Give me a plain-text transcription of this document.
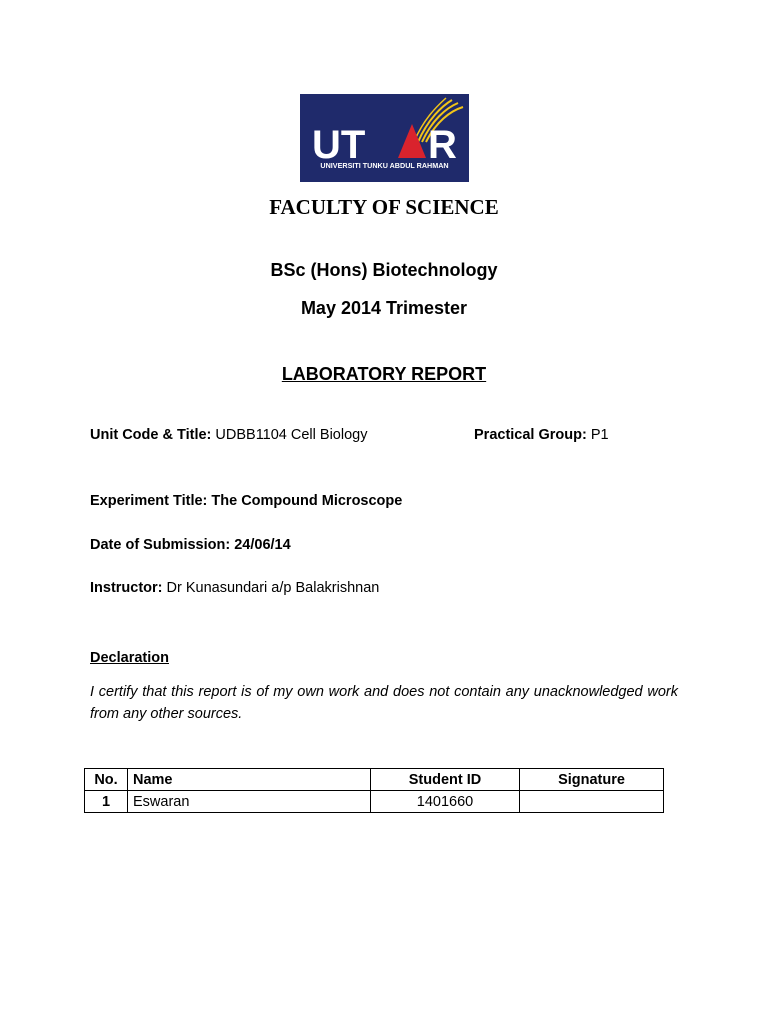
UT R
UNIVERSITI TUNKU ABDUL RAHMAN
FACULTY OF SCIENCE
BSc (Hons) Biotechnology
May 2014 Trimester
LABORATORY REPORT
Unit Code & Title: UDBB1104 Cell Biology	Practical Group: P1
Experiment Title: The Compound Microscope
Date of Submission: 24/06/14
Instructor: Dr Kunasundari a/p Balakrishnan
Declaration
I certify that this report is of my own work and does not contain any unacknowledged work from any other sources.
No.	Name	Student ID	Signature
1	Eswaran	1401660	
